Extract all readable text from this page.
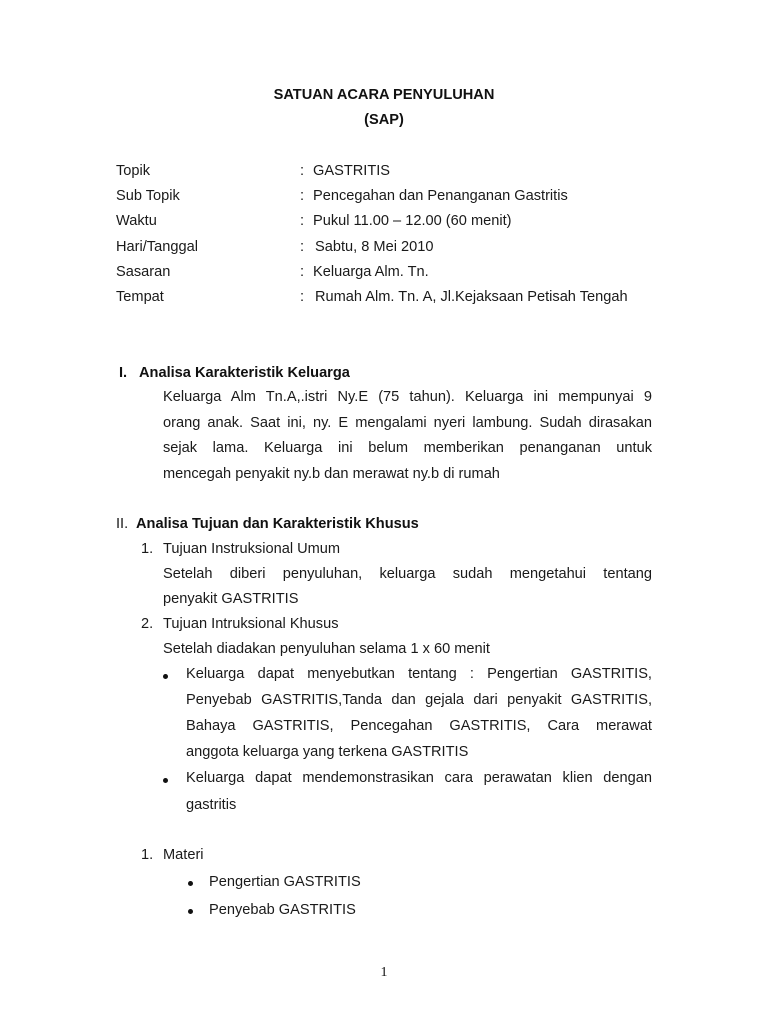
SATUAN ACARA PENYULUHAN
(SAP)
Topik	: GASTRITIS
Sub Topik	: Pencegahan dan Penanganan Gastritis
Waktu	: Pukul 11.00 – 12.00 (60 menit)
Hari/Tanggal	: Sabtu, 8 Mei 2010
Sasaran	: Keluarga Alm. Tn.
Tempat	: Rumah Alm. Tn. A, Jl.Kejaksaan Petisah Tengah
I. Analisa Karakteristik Keluarga
Keluarga Alm Tn.A,.istri Ny.E (75 tahun). Keluarga ini mempunyai 9
orang anak. Saat ini, ny. E mengalami nyeri lambung. Sudah dirasakan
sejak lama. Keluarga ini belum memberikan penanganan untuk
mencegah penyakit ny.b dan merawat ny.b di rumah
II. Analisa Tujuan dan Karakteristik Khusus
1. Tujuan Instruksional Umum
Setelah diberi penyuluhan, keluarga sudah mengetahui tentang
penyakit GASTRITIS
2. Tujuan Intruksional Khusus
Setelah diadakan penyuluhan selama 1 x 60 menit
Keluarga dapat menyebutkan tentang : Pengertian GASTRITIS,
Penyebab GASTRITIS,Tanda dan gejala dari penyakit GASTRITIS,
Bahaya GASTRITIS, Pencegahan GASTRITIS, Cara merawat
anggota keluarga yang terkena GASTRITIS
Keluarga dapat mendemonstrasikan cara perawatan klien dengan
gastritis
1. Materi
Pengertian GASTRITIS
Penyebab GASTRITIS
1
